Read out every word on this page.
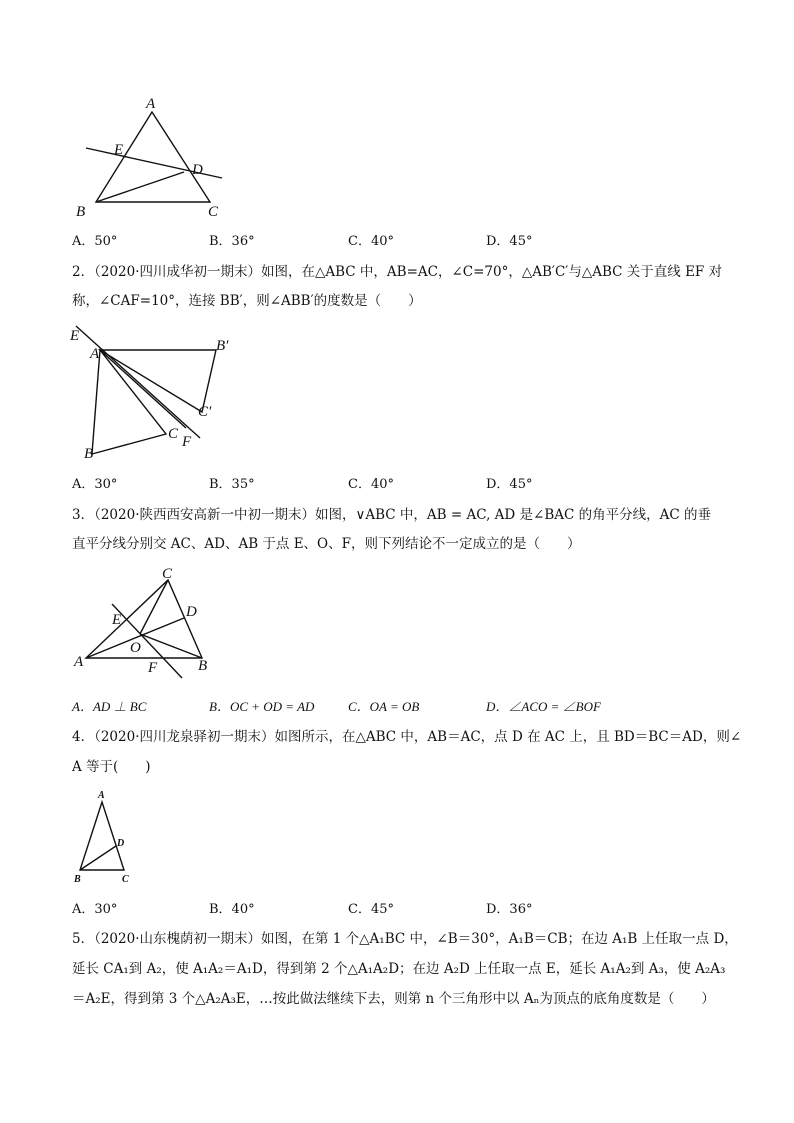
A
E
D
B	C
A．50°	B．36°	C．40°	D．45°
2．（2020·四川成华初一期末）如图，在△ABC 中，AB=AC，∠C=70°，△AB′C′与△ABC 关于直线 EF 对
称，∠CAF=10°，连接 BB′，则∠ABB′的度数是（　　）
E
A	B′
C′
B
C F
A．30°	B．35°	C．40°	D．45°
3．（2020·陕西西安高新一中初一期末）如图，∨ABC 中，AB = AC, AD 是∠BAC 的角平分线，AC 的垂
直平分线分别交 AC、AD、AB 于点 E、O、F，则下列结论不一定成立的是（　　）
C
D
E
O
A	F	B
A．AD ⊥ BC	B．OC + OD = AD	C．OA = OB	D．∠ACO = ∠BOF
4．（2020·四川龙泉驿初一期末）如图所示，在△ABC 中，AB＝AC，点 D 在 AC 上，且 BD＝BC＝AD，则∠
A 等于(　　)
A
D
B	C
A．30°	B．40°	C．45°	D．36°
5．（2020·山东槐荫初一期末）如图，在第 1 个△A₁BC 中，∠B＝30°，A₁B＝CB；在边 A₁B 上任取一点 D，
延长 CA₁到 A₂，使 A₁A₂＝A₁D，得到第 2 个△A₁A₂D；在边 A₂D 上任取一点 E，延长 A₁A₂到 A₃，使 A₂A₃
＝A₂E，得到第 3 个△A₂A₃E，…按此做法继续下去，则第 n 个三角形中以 Aₙ为顶点的底角度数是（　　）
